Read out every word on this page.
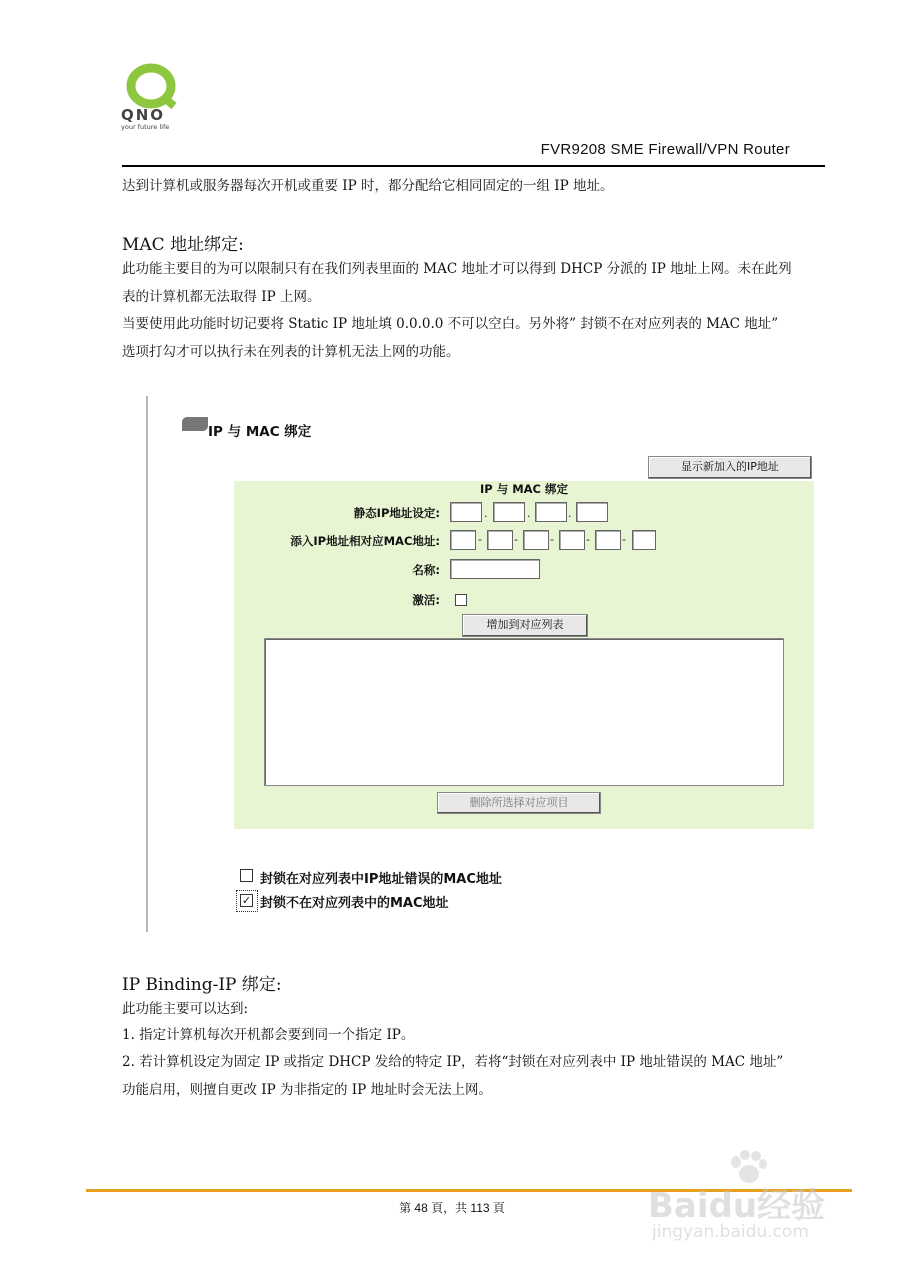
QNO
your future life
FVR9208 SME Firewall/VPN Router
达到计算机或服务器每次开机或重要 IP 时，都分配给它相同固定的一组 IP 地址。
MAC 地址绑定:
此功能主要目的为可以限制只有在我们列表里面的 MAC 地址才可以得到 DHCP 分派的 IP 地址上网。未在此列
表的计算机都无法取得 IP 上网。
当要使用此功能时切记要将 Static IP 地址填 0.0.0.0 不可以空白。另外将” 封锁不在对应列表的 MAC 地址”
选项打勾才可以执行未在列表的计算机无法上网的功能。
IP 与 MAC 绑定
显示新加入的IP地址
IP 与 MAC 绑定
静态IP地址设定:	.	.	.
添入IP地址相对应MAC地址:	-	-	-	-	-
名称:
激活:
增加到对应列表
删除所选择对应项目
封锁在对应列表中IP地址错误的MAC地址
✓ 封锁不在对应列表中的MAC地址
IP Binding-IP 绑定:
此功能主要可以达到:
1. 指定计算机每次开机都会要到同一个指定 IP。
2. 若计算机设定为固定 IP 或指定 DHCP 发给的特定 IP，若将“封锁在对应列表中 IP 地址错误的 MAC 地址”
功能启用，则擅自更改 IP 为非指定的 IP 地址时会无法上网。
第 48 頁，共 113 頁	Baidu经验
jingyan.baidu.com
